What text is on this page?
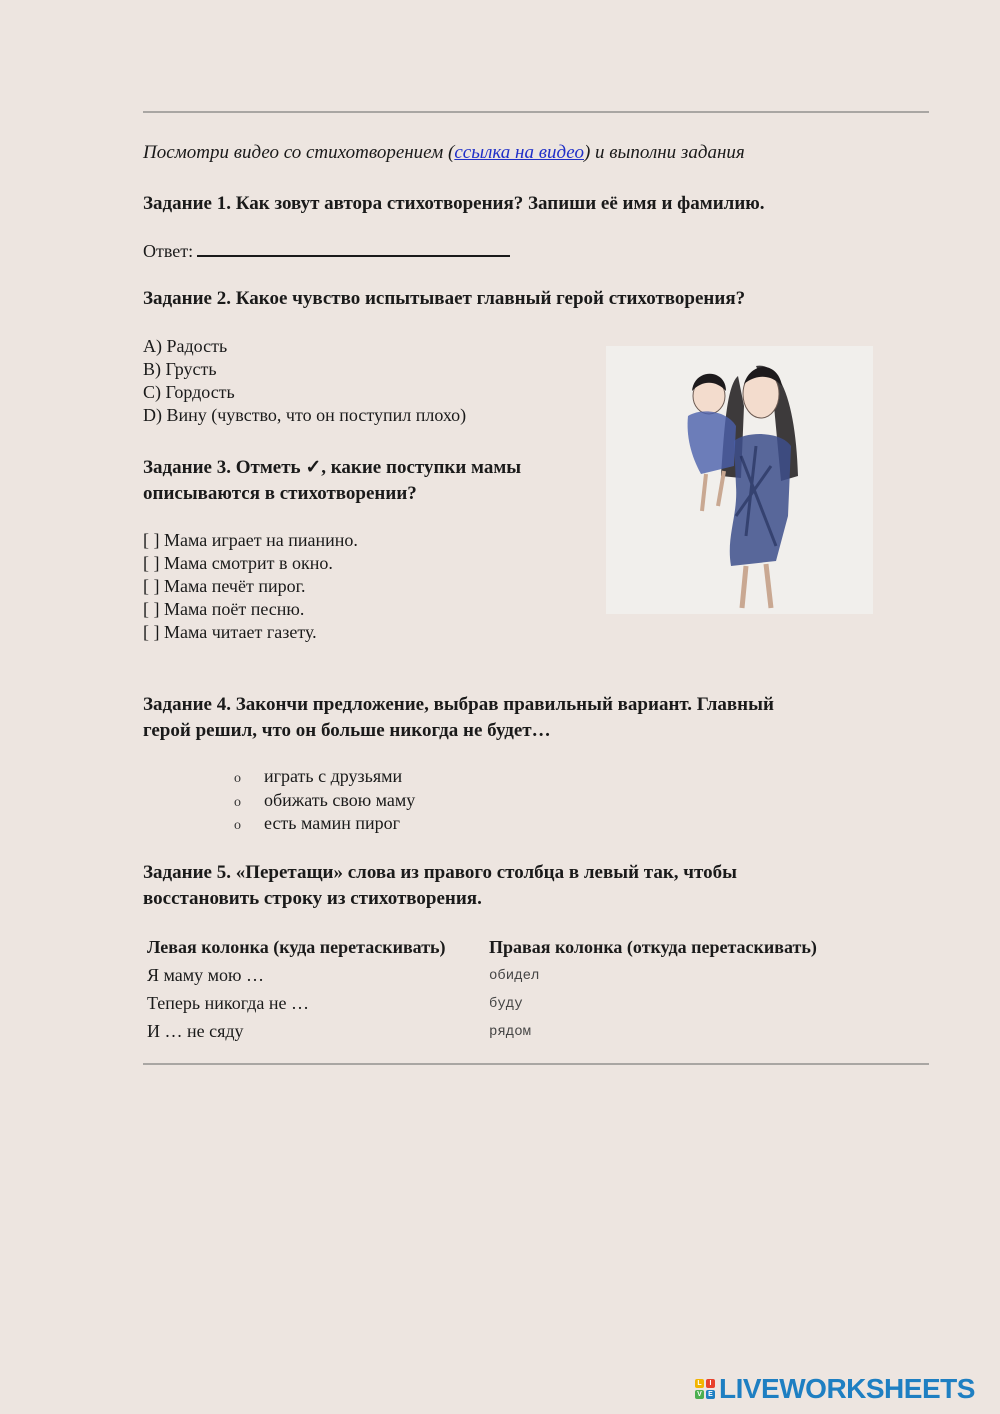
Посмотри видео со стихотворением (ссылка на видео) и выполни задания
Задание 1. Как зовут автора стихотворения? Запиши её имя и фамилию.
Ответ:
Задание 2. Какое чувство испытывает главный герой стихотворения?
A) Радость
B) Грусть
C) Гордость
D) Вину (чувство, что он поступил плохо)
Задание 3. Отметь ✓, какие поступки мамы
описываются в стихотворении?
[ ] Мама играет на пианино.
[ ] Мама смотрит в окно.
[ ] Мама печёт пирог.
[ ] Мама поёт песню.
[ ] Мама читает газету.
Задание 4. Закончи предложение, выбрав правильный вариант. Главный
герой решил, что он больше никогда не будет…
o играть с друзьями
o обижать свою маму
o есть мамин пирог
Задание 5. «Перетащи» слова из правого столбца в левый так, чтобы
восстановить строку из стихотворения.
Левая колонка (куда перетаскивать) Правая колонка (откуда перетаскивать)
Я маму мою …	обидел
Теперь никогда не …	буду
И … не сяду	рядом
L	I
V E LIVEWORKSHEETS
